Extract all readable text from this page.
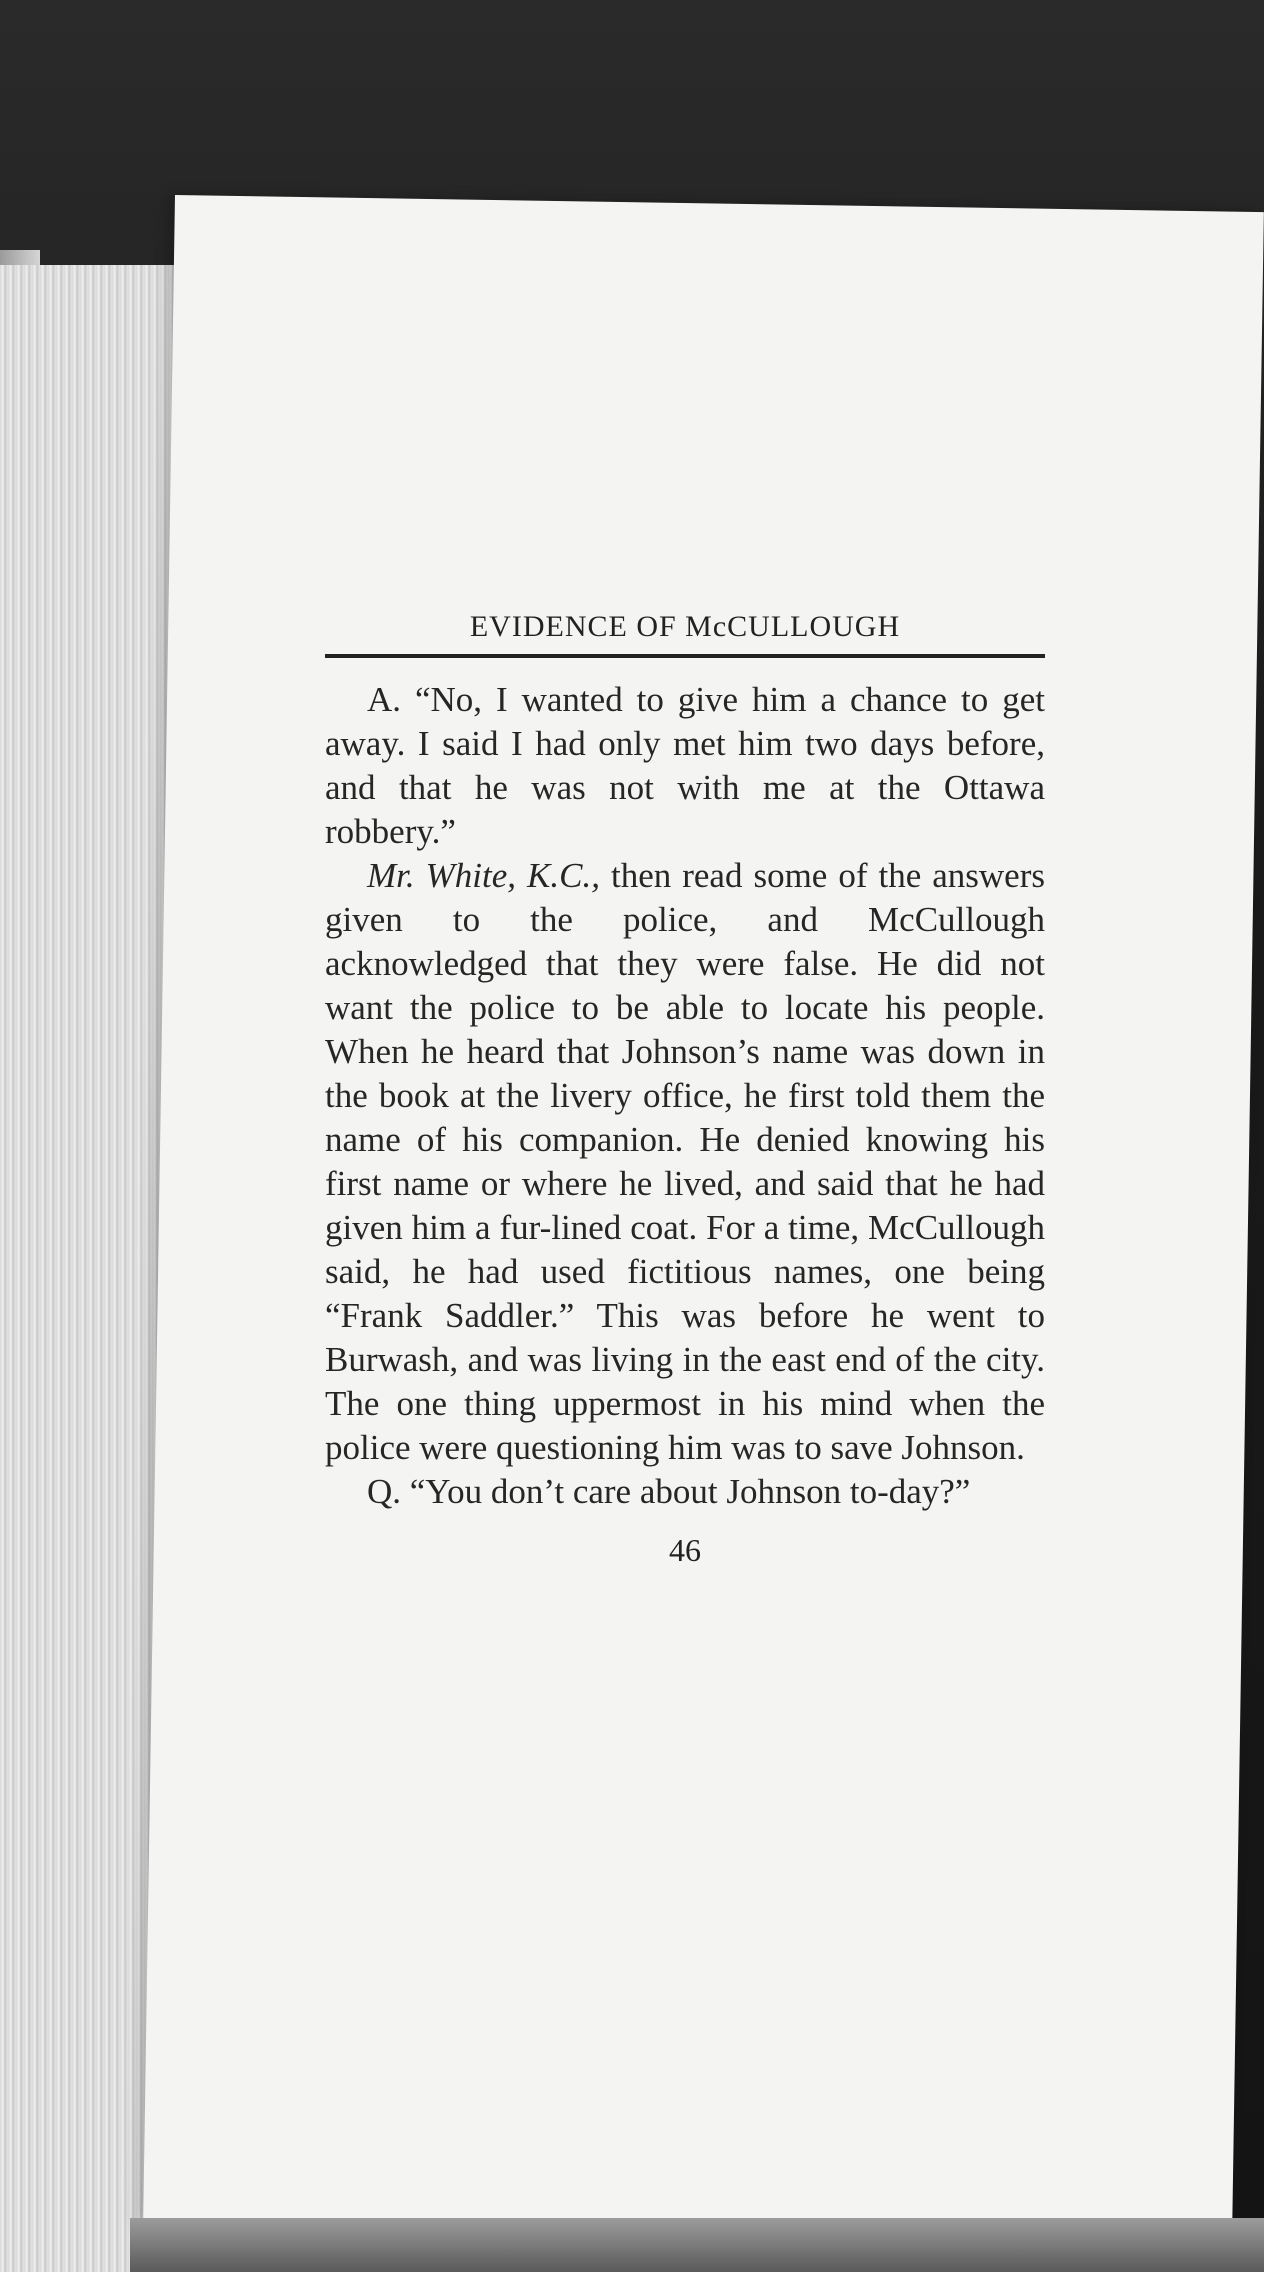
EVIDENCE OF McCULLOUGH

A. “No, I wanted to give him a chance to get away. I said I had only met him two days before, and that he was not with me at the Ottawa robbery.”

Mr. White, K.C., then read some of the answers given to the police, and McCullough acknowledged that they were false. He did not want the police to be able to locate his people. When he heard that Johnson’s name was down in the book at the livery office, he first told them the name of his companion. He denied knowing his first name or where he lived, and said that he had given him a fur-lined coat. For a time, McCullough said, he had used fictitious names, one being “Frank Saddler.” This was before he went to Burwash, and was living in the east end of the city. The one thing uppermost in his mind when the police were questioning him was to save Johnson.

Q. “You don’t care about Johnson to-day?”

46
